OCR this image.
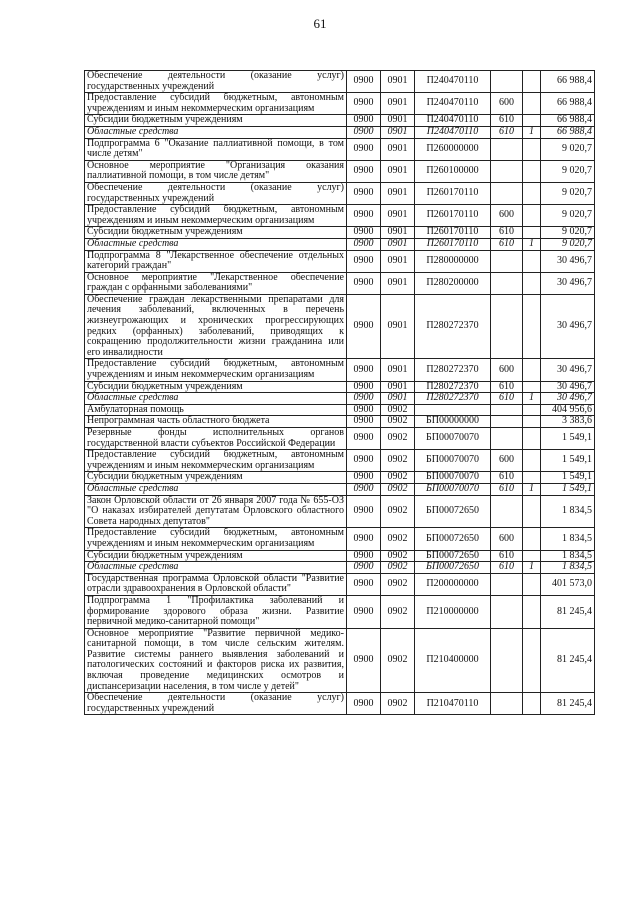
61
Обеспечение деятельности (оказание услуг) государственных учреждений	0900	0901	П240470110			66 988,4
Предоставление субсидий бюджетным, автономным учреждениям и иным некоммерческим организациям	0900	0901	П240470110	600		66 988,4
Субсидии бюджетным учреждениям	0900	0901	П240470110	610		66 988,4
Областные средства	0900	0901	П240470110	610	1	66 988,4
Подпрограмма 6 "Оказание паллиативной помощи, в том числе детям"	0900	0901	П260000000			9 020,7
Основное мероприятие "Организация оказания паллиативной помощи, в том числе детям"	0900	0901	П260100000			9 020,7
Обеспечение деятельности (оказание услуг) государственных учреждений	0900	0901	П260170110			9 020,7
Предоставление субсидий бюджетным, автономным учреждениям и иным некоммерческим организациям	0900	0901	П260170110	600		9 020,7
Субсидии бюджетным учреждениям	0900	0901	П260170110	610		9 020,7
Областные средства	0900	0901	П260170110	610	1	9 020,7
Подпрограмма 8 "Лекарственное обеспечение отдельных категорий граждан"	0900	0901	П280000000			30 496,7
Основное мероприятие "Лекарственное обеспечение граждан с орфанными заболеваниями"	0900	0901	П280200000			30 496,7
Обеспечение граждан лекарственными препаратами для лечения заболеваний, включенных в перечень жизнеугрожающих и хронических прогрессирующих редких (орфанных) заболеваний, приводящих к сокращению продолжительности жизни гражданина или его инвалидности	0900	0901	П280272370			30 496,7
Предоставление субсидий бюджетным, автономным учреждениям и иным некоммерческим организациям	0900	0901	П280272370	600		30 496,7
Субсидии бюджетным учреждениям	0900	0901	П280272370	610		30 496,7
Областные средства	0900	0901	П280272370	610	1	30 496,7
Амбулаторная помощь	0900	0902				404 956,6
Непрограммная часть областного бюджета	0900	0902	БП00000000			3 383,6
Резервные фонды исполнительных органов государственной власти субъектов Российской Федерации	0900	0902	БП00070070			1 549,1
Предоставление субсидий бюджетным, автономным учреждениям и иным некоммерческим организациям	0900	0902	БП00070070	600		1 549,1
Субсидии бюджетным учреждениям	0900	0902	БП00070070	610		1 549,1
Областные средства	0900	0902	БП00070070	610	1	1 549,1
Закон Орловской области от 26 января 2007 года № 655-ОЗ "О наказах избирателей депутатам Орловского областного Совета народных депутатов"	0900	0902	БП00072650			1 834,5
Предоставление субсидий бюджетным, автономным учреждениям и иным некоммерческим организациям	0900	0902	БП00072650	600		1 834,5
Субсидии бюджетным учреждениям	0900	0902	БП00072650	610		1 834,5
Областные средства	0900	0902	БП00072650	610	1	1 834,5
Государственная программа Орловской области "Развитие отрасли здравоохранения в Орловской области"	0900	0902	П200000000			401 573,0
Подпрограмма 1 "Профилактика заболеваний и формирование здорового образа жизни. Развитие первичной медико-санитарной помощи"	0900	0902	П210000000			81 245,4
Основное мероприятие "Развитие первичной медико-санитарной помощи, в том числе сельским жителям. Развитие системы раннего выявления заболеваний и патологических состояний и факторов риска их развития, включая проведение медицинских осмотров и диспансеризации населения, в том числе у детей"	0900	0902	П210400000			81 245,4
Обеспечение деятельности (оказание услуг) государственных учреждений	0900	0902	П210470110			81 245,4
